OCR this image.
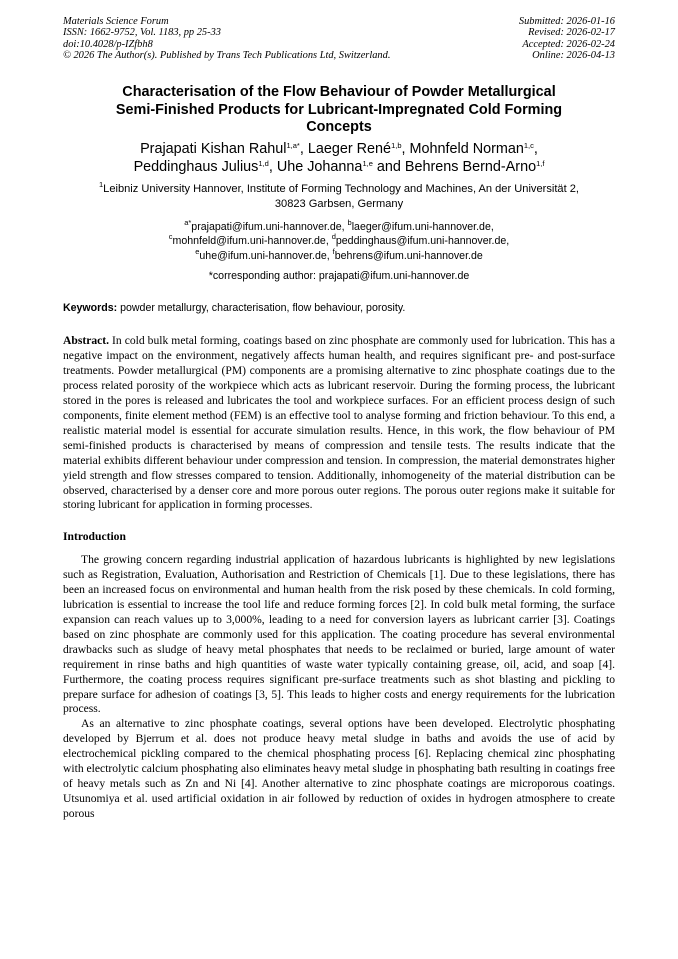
Materials Science Forum
ISSN: 1662-9752, Vol. 1183, pp 25-33
doi:10.4028/p-IZfbh8
© 2026 The Author(s). Published by Trans Tech Publications Ltd, Switzerland.
Submitted: 2026-01-16
Revised: 2026-02-17
Accepted: 2026-02-24
Online: 2026-04-13
Characterisation of the Flow Behaviour of Powder Metallurgical
Semi-Finished Products for Lubricant-Impregnated Cold Forming
Concepts
Prajapati Kishan Rahul$^{1,a*}$, Laeger René$^{1,b}$, Mohnfeld Norman$^{1,c}$,
Peddinghaus Julius$^{1,d}$, Uhe Johanna$^{1,e}$ and Behrens Bernd-Arno$^{1,f}$
$^1$Leibniz University Hannover, Institute of Forming Technology and Machines, An der Universität 2,
30823 Garbsen, Germany
$^{a*}$prajapati@ifum.uni-hannover.de, $^b$laeger@ifum.uni-hannover.de,
$^c$mohnfeld@ifum.uni-hannover.de, $^d$peddinghaus@ifum.uni-hannover.de,
$^e$uhe@ifum.uni-hannover.de, $^f$behrens@ifum.uni-hannover.de
*corresponding author: prajapati@ifum.uni-hannover.de
Keywords: powder metallurgy, characterisation, flow behaviour, porosity.
Abstract. In cold bulk metal forming, coatings based on zinc phosphate are commonly used for lubrication. This has a negative impact on the environment, negatively affects human health, and requires significant pre- and post-surface treatments. Powder metallurgical (PM) components are a promising alternative to zinc phosphate coatings due to the process related porosity of the workpiece which acts as lubricant reservoir. During the forming process, the lubricant stored in the pores is released and lubricates the tool and workpiece surfaces. For an efficient process design of such components, finite element method (FEM) is an effective tool to analyse forming and friction behaviour. To this end, a realistic material model is essential for accurate simulation results. Hence, in this work, the flow behaviour of PM semi-finished products is characterised by means of compression and tensile tests. The results indicate that the material exhibits different behaviour under compression and tension. In compression, the material demonstrates higher yield strength and flow stresses compared to tension. Additionally, inhomogeneity of the material distribution can be observed, characterised by a denser core and more porous outer regions. The porous outer regions make it suitable for storing lubricant for application in forming processes.
Introduction
The growing concern regarding industrial application of hazardous lubricants is highlighted by new legislations such as Registration, Evaluation, Authorisation and Restriction of Chemicals [1]. Due to these legislations, there has been an increased focus on environmental and human health from the risk posed by these chemicals. In cold forming, lubrication is essential to increase the tool life and reduce forming forces [2]. In cold bulk metal forming, the surface expansion can reach values up to 3,000%, leading to a need for conversion layers as lubricant carrier [3]. Coatings based on zinc phosphate are commonly used for this application. The coating procedure has several environmental drawbacks such as sludge of heavy metal phosphates that needs to be reclaimed or buried, large amount of water requirement in rinse baths and high quantities of waste water typically containing grease, oil, acid, and soap [4]. Furthermore, the coating process requires significant pre-surface treatments such as shot blasting and pickling to prepare surface for adhesion of coatings [3, 5]. This leads to higher costs and energy requirements for the lubrication process.
As an alternative to zinc phosphate coatings, several options have been developed. Electrolytic phosphating developed by Bjerrum et al. does not produce heavy metal sludge in baths and avoids the use of acid by electrochemical pickling compared to the chemical phosphating process [6]. Replacing chemical zinc phosphating with electrolytic calcium phosphating also eliminates heavy metal sludge in phosphating bath resulting in coatings free of heavy metals such as Zn and Ni [4]. Another alternative to zinc phosphate coatings are microporous coatings. Utsunomiya et al. used artificial oxidation in air followed by reduction of oxides in hydrogen atmosphere to create porous
